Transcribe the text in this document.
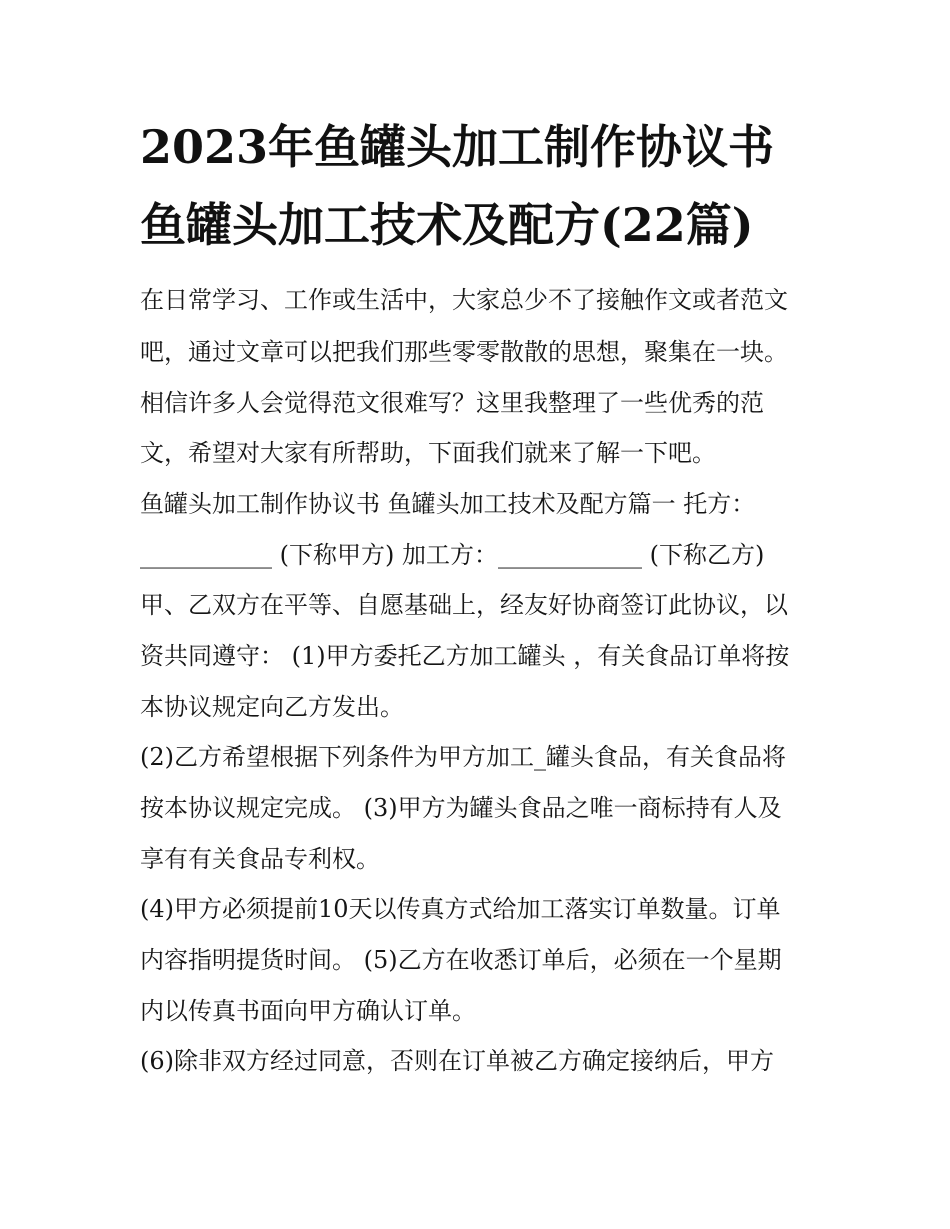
2023年鱼罐头加工制作协议书
鱼罐头加工技术及配方(22篇)
在日常学习、工作或生活中，大家总少不了接触作文或者范文
吧，通过文章可以把我们那些零零散散的思想，聚集在一块。
相信许多人会觉得范文很难写？这里我整理了一些优秀的范
文，希望对大家有所帮助，下面我们就来了解一下吧。
鱼罐头加工制作协议书 鱼罐头加工技术及配方篇一 托方：
___________ (下称甲方) 加工方：____________ (下称乙方)
甲、乙双方在平等、自愿基础上，经友好协商签订此协议，以
资共同遵守： (1)甲方委托乙方加工罐头 ，有关食品订单将按
本协议规定向乙方发出。
(2)乙方希望根据下列条件为甲方加工_罐头食品，有关食品将
按本协议规定完成。 (3)甲方为罐头食品之唯一商标持有人及
享有有关食品专利权。
(4)甲方必须提前10天以传真方式给加工落实订单数量。订单
内容指明提货时间。 (5)乙方在收悉订单后，必须在一个星期
内以传真书面向甲方确认订单。
(6)除非双方经过同意，否则在订单被乙方确定接纳后，甲方
